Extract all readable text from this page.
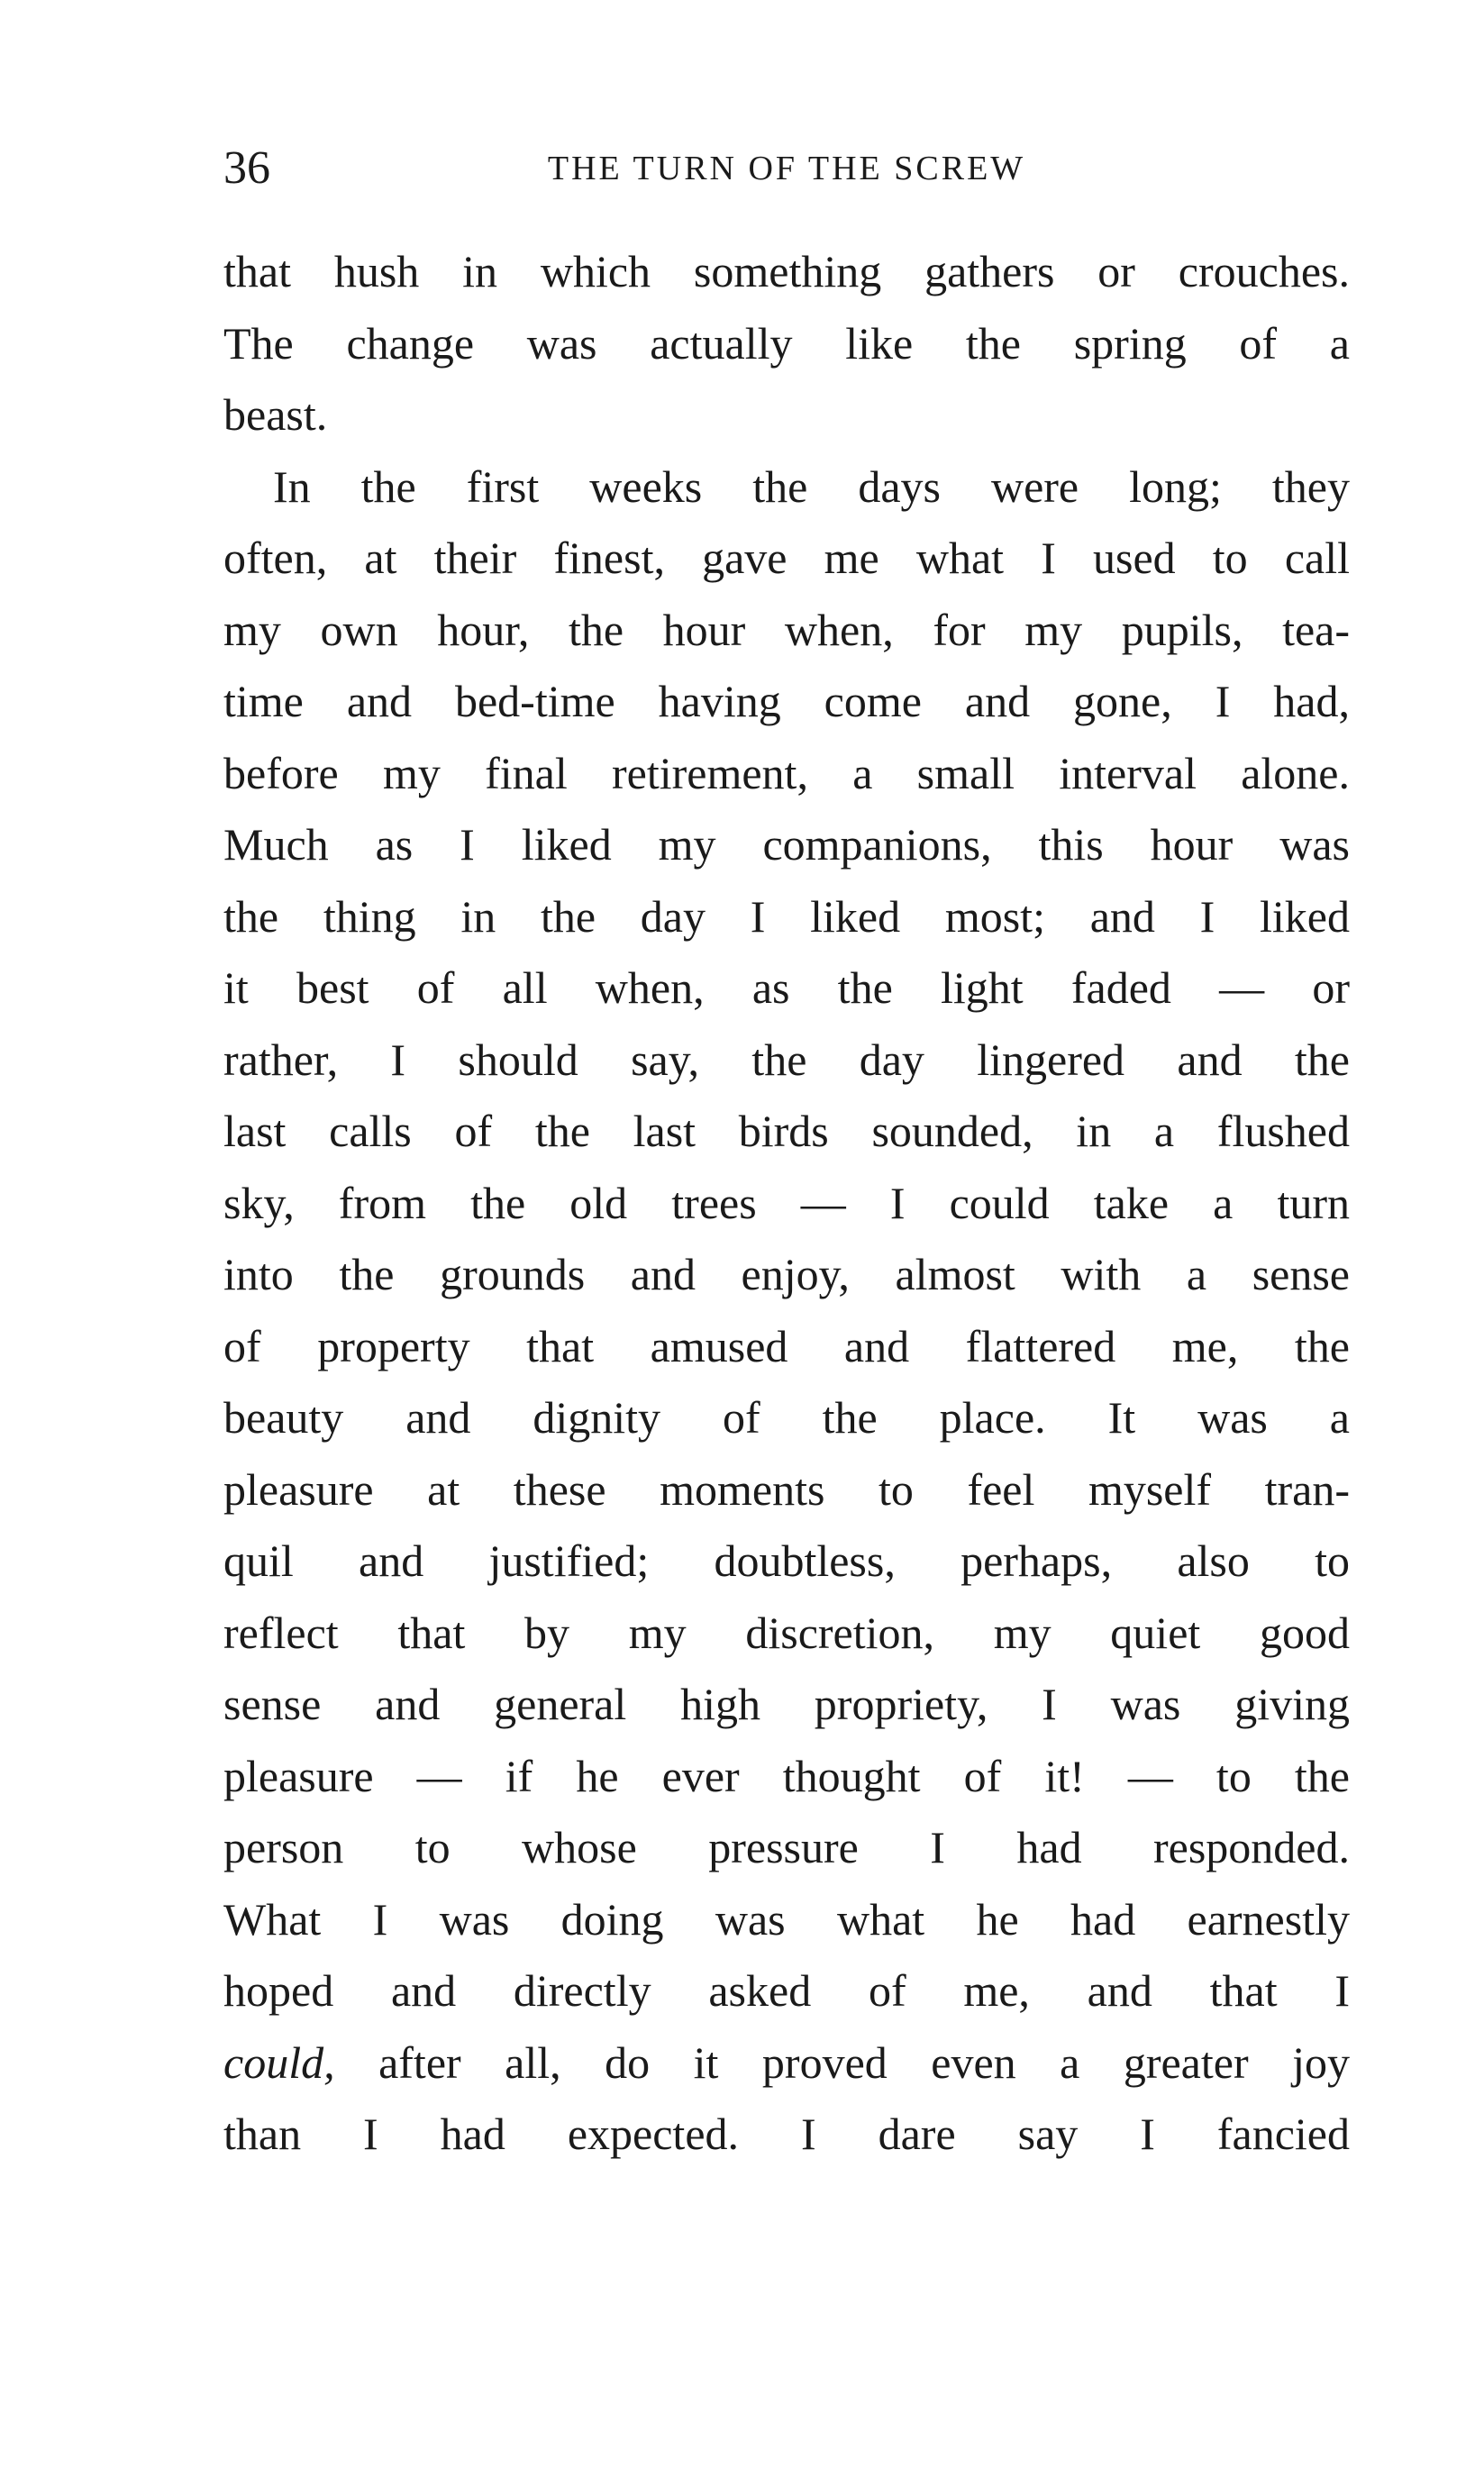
36	THE TURN OF THE SCREW
that hush in which something gathers or crouches.
The change was actually like the spring of a
beast.
In the first weeks the days were long; they
often, at their finest, gave me what I used to call
my own hour, the hour when, for my pupils, tea-
time and bed-time having come and gone, I had,
before my final retirement, a small interval alone.
Much as I liked my companions, this hour was
the thing in the day I liked most; and I liked
it best of all when, as the light faded — or
rather, I should say, the day lingered and the
last calls of the last birds sounded, in a flushed
sky, from the old trees — I could take a turn
into the grounds and enjoy, almost with a sense
of property that amused and flattered me, the
beauty and dignity of the place. It was a
pleasure at these moments to feel myself tran-
quil and justified; doubtless, perhaps, also to
reflect that by my discretion, my quiet good
sense and general high propriety, I was giving
pleasure — if he ever thought of it! — to the
person to whose pressure I had responded.
What I was doing was what he had earnestly
hoped and directly asked of me, and that I
could, after all, do it proved even a greater joy
than I had expected. I dare say I fancied
